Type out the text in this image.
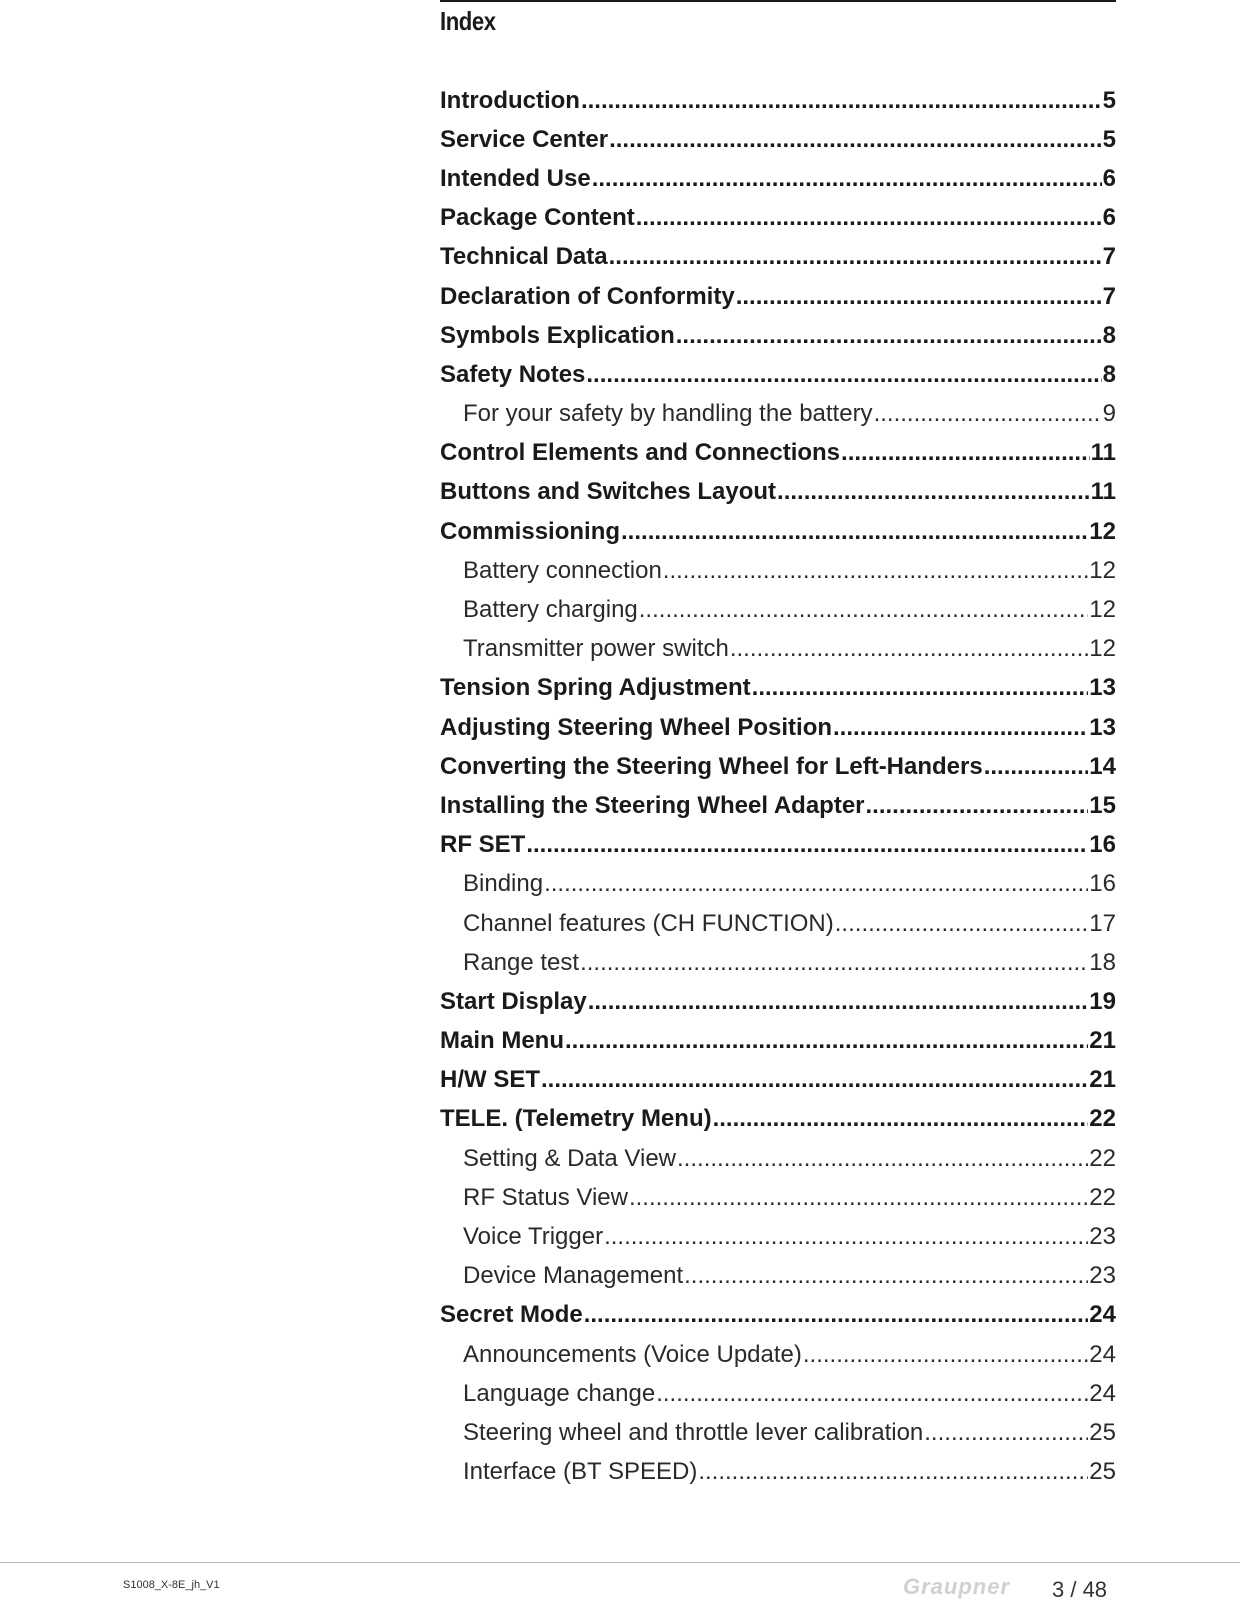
Index
Introduction .....	5
Service Center .....	5
Intended Use .....	6
Package Content .....	6
Technical Data .....	7
Declaration of Conformity .....	7
Symbols Explication .....	8
Safety Notes .....	8
For your safety by handling the battery .....	9
Control Elements and Connections .....	11
Buttons and Switches Layout .....	11
Commissioning .....	12
Battery connection .....	12
Battery charging .....	12
Transmitter power switch .....	12
Tension Spring Adjustment .....	13
Adjusting Steering Wheel Position .....	13
Converting the Steering Wheel for Left-Handers .....	14
Installing the Steering Wheel Adapter .....	15
RF SET .....	16
Binding .....	16
Channel features (CH FUNCTION) .....	17
Range test .....	18
Start Display .....	19
Main Menu .....	21
H/W SET .....	21
TELE. (Telemetry Menu) .....	22
Setting & Data View .....	22
RF Status View .....	22
Voice Trigger .....	23
Device Management .....	23
Secret Mode .....	24
Announcements (Voice Update) .....	24
Language change .....	24
Steering wheel and throttle lever calibration .....	25
Interface (BT SPEED) .....	25
S1008_X-8E_jh_V1	Graupner 3 / 48
